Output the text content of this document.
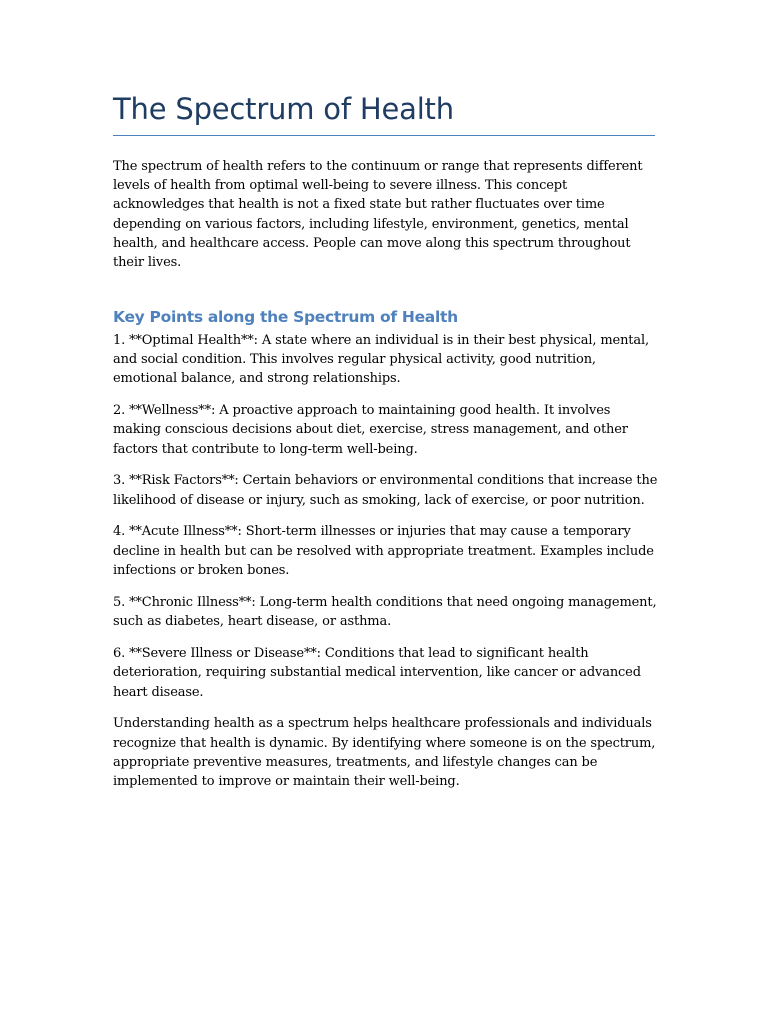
The Spectrum of Health

The spectrum of health refers to the continuum or range that represents different levels of health from optimal well-being to severe illness. This concept acknowledges that health is not a fixed state but rather fluctuates over time depending on various factors, including lifestyle, environment, genetics, mental health, and healthcare access. People can move along this spectrum throughout their lives.

Key Points along the Spectrum of Health

1. **Optimal Health**: A state where an individual is in their best physical, mental, and social condition. This involves regular physical activity, good nutrition, emotional balance, and strong relationships.

2. **Wellness**: A proactive approach to maintaining good health. It involves making conscious decisions about diet, exercise, stress management, and other factors that contribute to long-term well-being.

3. **Risk Factors**: Certain behaviors or environmental conditions that increase the likelihood of disease or injury, such as smoking, lack of exercise, or poor nutrition.

4. **Acute Illness**: Short-term illnesses or injuries that may cause a temporary decline in health but can be resolved with appropriate treatment. Examples include infections or broken bones.

5. **Chronic Illness**: Long-term health conditions that need ongoing management, such as diabetes, heart disease, or asthma.

6. **Severe Illness or Disease**: Conditions that lead to significant health deterioration, requiring substantial medical intervention, like cancer or advanced heart disease.

Understanding health as a spectrum helps healthcare professionals and individuals recognize that health is dynamic. By identifying where someone is on the spectrum, appropriate preventive measures, treatments, and lifestyle changes can be implemented to improve or maintain their well-being.
